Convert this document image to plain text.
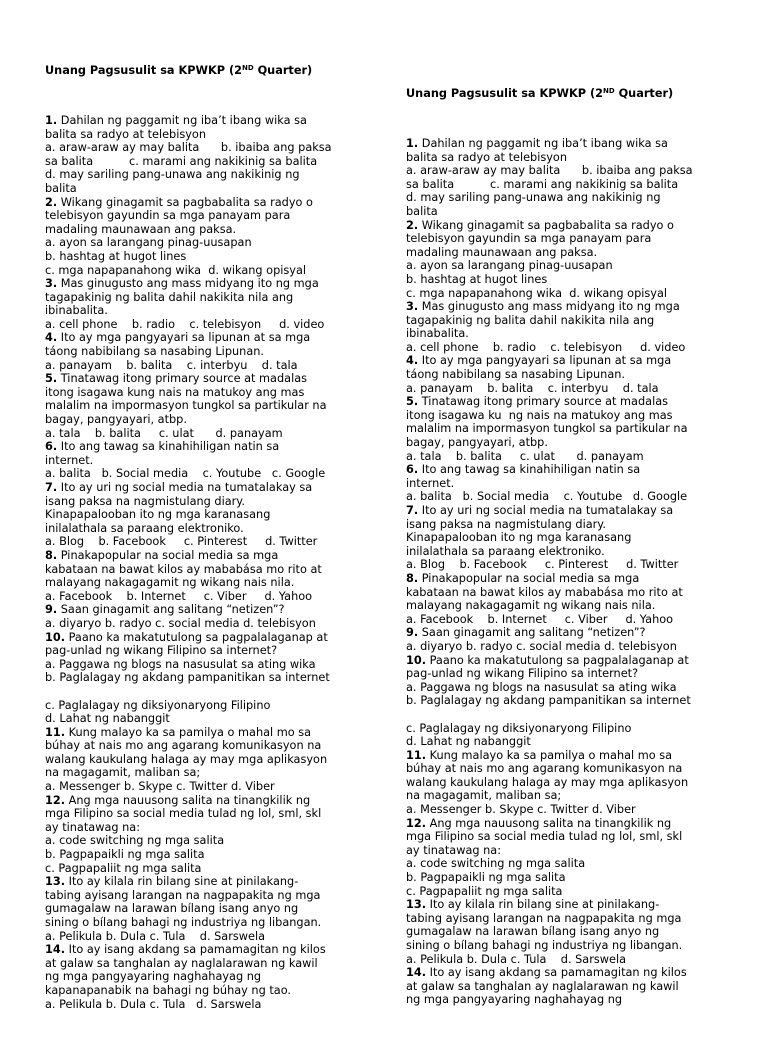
Unang Pagsusulit sa KPWKP (2ND Quarter)

1. Dahilan ng paggamit ng iba’t ibang wika sa
balita sa radyo at telebisyon
a. araw-araw ay may balita      b. ibaiba ang paksa
sa balita          c. marami ang nakikinig sa balita
d. may sariling pang-unawa ang nakikinig ng
balita
2. Wikang ginagamit sa pagbabalita sa radyo o
telebisyon gayundin sa mga panayam para
madaling maunawaan ang paksa.
a. ayon sa larangang pinag-uusapan
b. hashtag at hugot lines
c. mga napapanahong wika  d. wikang opisyal
3. Mas ginugusto ang mass midyang ito ng mga
tagapakinig ng balita dahil nakikita nila ang
ibinabalita.
a. cell phone    b. radio    c. telebisyon     d. video
4. Ito ay mga pangyayari sa lipunan at sa mga
táong nabibilang sa nasabing Lipunan.
a. panayam    b. balita    c. interbyu    d. tala
5. Tinatawag itong primary source at madalas
itong isagawa kung nais na matukoy ang mas
malalim na impormasyon tungkol sa partikular na
bagay, pangyayari, atbp.
a. tala    b. balita     c. ulat      d. panayam
6. Ito ang tawag sa kinahihiligan natin sa
internet.
a. balita   b. Social media    c. Youtube   c. Google
7. Ito ay uri ng social media na tumatalakay sa
isang paksa na nagmistulang diary.
Kinapapalooban ito ng mga karanasang
inilalathala sa paraang elektroniko.
a. Blog    b. Facebook     c. Pinterest     d. Twitter
8. Pinakapopular na social media sa mga
kabataan na bawat kilos ay mababása mo rito at
malayang nakagagamit ng wikang nais nila.
a. Facebook    b. Internet     c. Viber     d. Yahoo
9. Saan ginagamit ang salitang “netizen”?
a. diyaryo b. radyo c. social media d. telebisyon
10. Paano ka makatutulong sa pagpalalaganap at
pag-unlad ng wikang Filipino sa internet?
a. Paggawa ng blogs na nasusulat sa ating wika
b. Paglalagay ng akdang pampanitikan sa internet
c. Paglalagay ng diksiyonaryong Filipino
d. Lahat ng nabanggit
11. Kung malayo ka sa pamilya o mahal mo sa
búhay at nais mo ang agarang komunikasyon na
walang kaukulang halaga ay may mga aplikasyon
na magagamit, maliban sa;
a. Messenger b. Skype c. Twitter d. Viber
12. Ang mga nauusong salita na tinangkilik ng
mga Filipino sa social media tulad ng lol, sml, skl
ay tinatawag na:
a. code switching ng mga salita
b. Pagpapaikli ng mga salita
c. Pagpapaliit ng mga salita
13. Ito ay kilala rin bilang sine at pinilakang-
tabing ayisang larangan na nagpapakita ng mga
gumagalaw na larawan bílang isang anyo ng
sining o bílang bahagi ng industriya ng libangan.
a. Pelikula b. Dula c. Tula    d. Sarswela
14. Ito ay isang akdang sa pamamagitan ng kilos
at galaw sa tanghalan ay naglalarawan ng kawil
ng mga pangyayaring naghahayag ng
kapanapanabik na bahagi ng búhay ng tao.
a. Pelikula b. Dula c. Tula   d. Sarswela

Unang Pagsusulit sa KPWKP (2ND Quarter)

1. Dahilan ng paggamit ng iba’t ibang wika sa
balita sa radyo at telebisyon
a. araw-araw ay may balita      b. ibaiba ang paksa
sa balita          c. marami ang nakikinig sa balita
d. may sariling pang-unawa ang nakikinig ng
balita
2. Wikang ginagamit sa pagbabalita sa radyo o
telebisyon gayundin sa mga panayam para
madaling maunawaan ang paksa.
a. ayon sa larangang pinag-uusapan
b. hashtag at hugot lines
c. mga napapanahong wika  d. wikang opisyal
3. Mas ginugusto ang mass midyang ito ng mga
tagapakinig ng balita dahil nakikita nila ang
ibinabalita.
a. cell phone    b. radio    c. telebisyon     d. video
4. Ito ay mga pangyayari sa lipunan at sa mga
táong nabibilang sa nasabing Lipunan.
a. panayam    b. balita    c. interbyu    d. tala
5. Tinatawag itong primary source at madalas
itong isagawa ku  ng nais na matukoy ang mas
malalim na impormasyon tungkol sa partikular na
bagay, pangyayari, atbp.
a. tala    b. balita     c. ulat      d. panayam
6. Ito ang tawag sa kinahihiligan natin sa
internet.
a. balita   b. Social media    c. Youtube   d. Google
7. Ito ay uri ng social media na tumatalakay sa
isang paksa na nagmistulang diary.
Kinapapalooban ito ng mga karanasang
inilalathala sa paraang elektroniko.
a. Blog    b. Facebook     c. Pinterest     d. Twitter
8. Pinakapopular na social media sa mga
kabataan na bawat kilos ay mababása mo rito at
malayang nakagagamit ng wikang nais nila.
a. Facebook    b. Internet     c. Viber     d. Yahoo
9. Saan ginagamit ang salitang “netizen”?
a. diyaryo b. radyo c. social media d. telebisyon
10. Paano ka makatutulong sa pagpalalaganap at
pag-unlad ng wikang Filipino sa internet?
a. Paggawa ng blogs na nasusulat sa ating wika
b. Paglalagay ng akdang pampanitikan sa internet
c. Paglalagay ng diksiyonaryong Filipino
d. Lahat ng nabanggit
11. Kung malayo ka sa pamilya o mahal mo sa
búhay at nais mo ang agarang komunikasyon na
walang kaukulang halaga ay may mga aplikasyon
na magagamit, maliban sa;
a. Messenger b. Skype c. Twitter d. Viber
12. Ang mga nauusong salita na tinangkilik ng
mga Filipino sa social media tulad ng lol, sml, skl
ay tinatawag na:
a. code switching ng mga salita
b. Pagpapaikli ng mga salita
c. Pagpapaliit ng mga salita
13. Ito ay kilala rin bilang sine at pinilakang-
tabing ayisang larangan na nagpapakita ng mga
gumagalaw na larawan bílang isang anyo ng
sining o bílang bahagi ng industriya ng libangan.
a. Pelikula b. Dula c. Tula    d. Sarswela
14. Ito ay isang akdang sa pamamagitan ng kilos
at galaw sa tanghalan ay naglalarawan ng kawil
ng mga pangyayaring naghahayag ng
